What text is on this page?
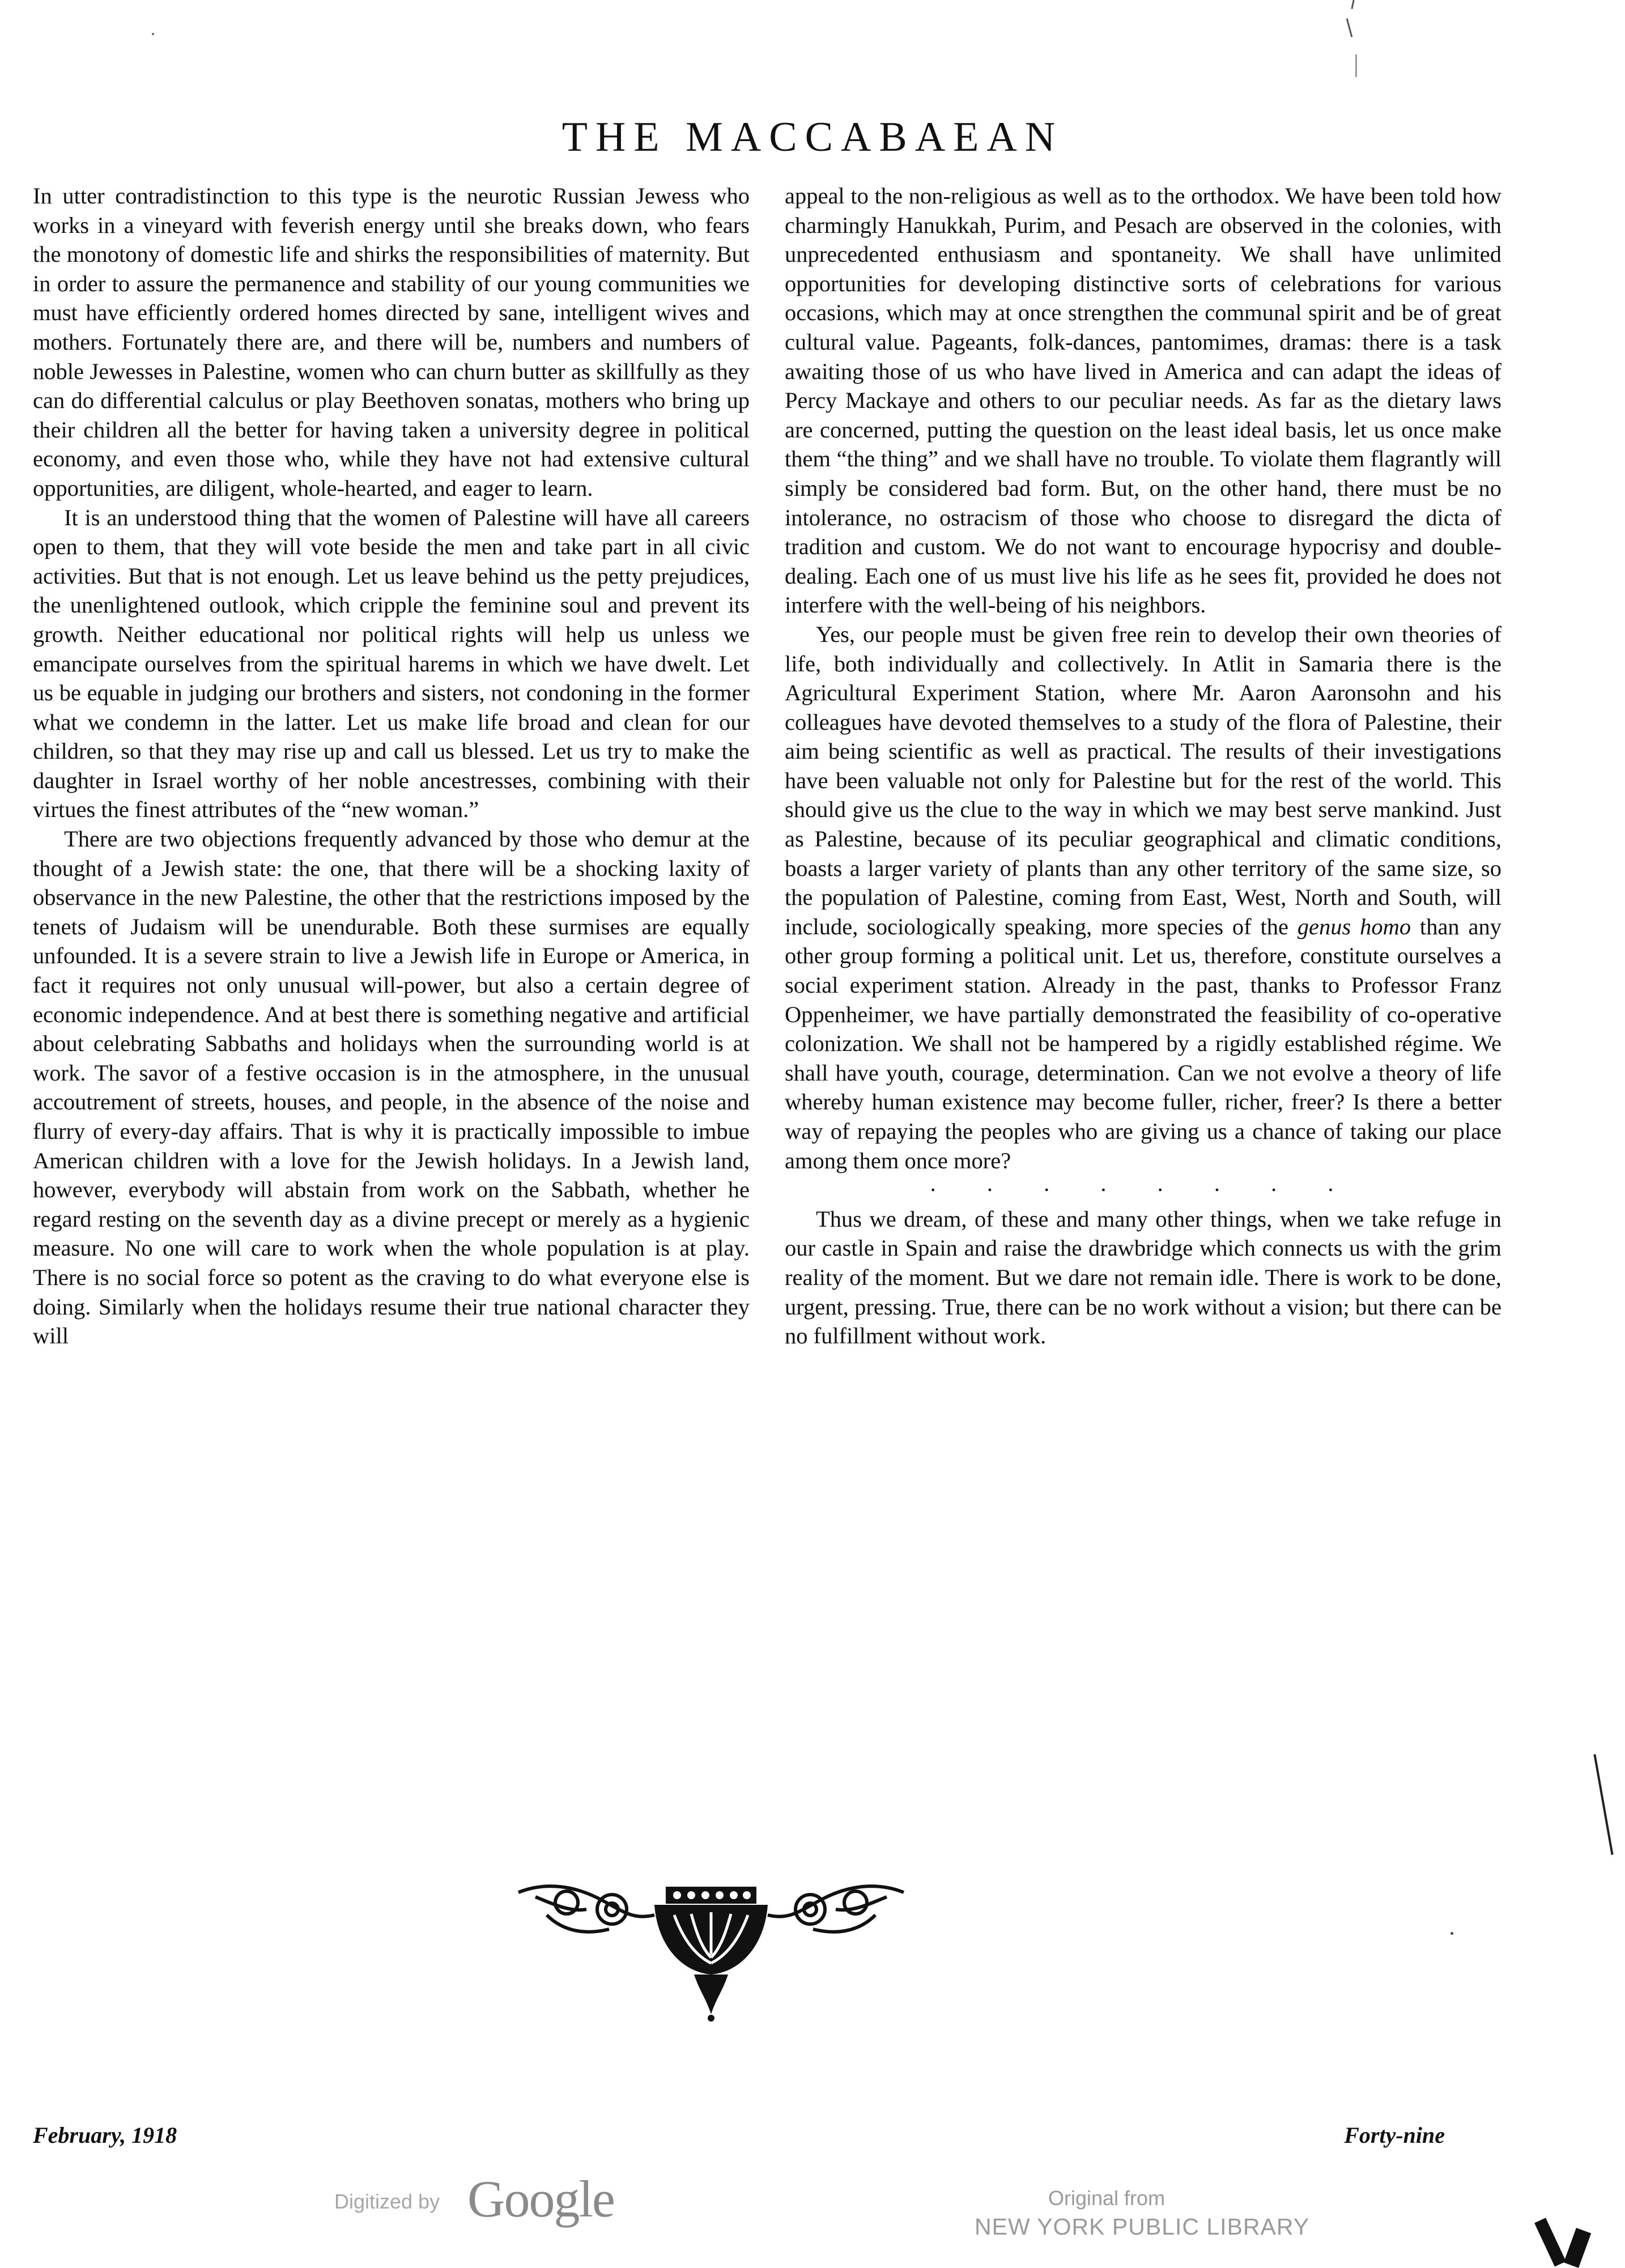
THE MACCABAEAN

In utter contradistinction to this type is the neurotic Russian Jewess who works in a vineyard with feverish energy until she breaks down, who fears the monotony of domestic life and shirks the responsibilities of maternity. But in order to assure the permanence and stability of our young communities we must have efficiently ordered homes directed by sane, intelligent wives and mothers. Fortunately there are, and there will be, numbers and numbers of noble Jewesses in Palestine, women who can churn butter as skillfully as they can do differential calculus or play Beethoven sonatas, mothers who bring up their children all the better for having taken a university degree in political economy, and even those who, while they have not had extensive cultural opportunities, are diligent, whole-hearted, and eager to learn.

It is an understood thing that the women of Palestine will have all careers open to them, that they will vote beside the men and take part in all civic activities. But that is not enough. Let us leave behind us the petty prejudices, the unenlightened outlook, which cripple the feminine soul and prevent its growth. Neither educational nor political rights will help us unless we emancipate ourselves from the spiritual harems in which we have dwelt. Let us be equable in judging our brothers and sisters, not condoning in the former what we condemn in the latter. Let us make life broad and clean for our children, so that they may rise up and call us blessed. Let us try to make the daughter in Israel worthy of her noble ancestresses, combining with their virtues the finest attributes of the “new woman.”

There are two objections frequently advanced by those who demur at the thought of a Jewish state: the one, that there will be a shocking laxity of observance in the new Palestine, the other that the restrictions imposed by the tenets of Judaism will be unendurable. Both these surmises are equally unfounded. It is a severe strain to live a Jewish life in Europe or America, in fact it requires not only unusual will-power, but also a certain degree of economic independence. And at best there is something negative and artificial about celebrating Sabbaths and holidays when the surrounding world is at work. The savor of a festive occasion is in the atmosphere, in the unusual accoutrement of streets, houses, and people, in the absence of the noise and flurry of every-day affairs. That is why it is practically impossible to imbue American children with a love for the Jewish holidays. In a Jewish land, however, everybody will abstain from work on the Sabbath, whether he regard resting on the seventh day as a divine precept or merely as a hygienic measure. No one will care to work when the whole population is at play. There is no social force so potent as the craving to do what everyone else is doing. Similarly when the holidays resume their true national character they will

appeal to the non-religious as well as to the orthodox. We have been told how charmingly Hanukkah, Purim, and Pesach are observed in the colonies, with unprecedented enthusiasm and spontaneity. We shall have unlimited opportunities for developing distinctive sorts of celebrations for various occasions, which may at once strengthen the communal spirit and be of great cultural value. Pageants, folk-dances, pantomimes, dramas: there is a task awaiting those of us who have lived in America and can adapt the ideas of Percy Mackaye and others to our peculiar needs. As far as the dietary laws are concerned, putting the question on the least ideal basis, let us once make them “the thing” and we shall have no trouble. To violate them flagrantly will simply be considered bad form. But, on the other hand, there must be no intolerance, no ostracism of those who choose to disregard the dicta of tradition and custom. We do not want to encourage hypocrisy and double-dealing. Each one of us must live his life as he sees fit, provided he does not interfere with the well-being of his neighbors.

Yes, our people must be given free rein to develop their own theories of life, both individually and collectively. In Atlit in Samaria there is the Agricultural Experiment Station, where Mr. Aaron Aaronsohn and his colleagues have devoted themselves to a study of the flora of Palestine, their aim being scientific as well as practical. The results of their investigations have been valuable not only for Palestine but for the rest of the world. This should give us the clue to the way in which we may best serve mankind. Just as Palestine, because of its peculiar geographical and climatic conditions, boasts a larger variety of plants than any other territory of the same size, so the population of Palestine, coming from East, West, North and South, will include, sociologically speaking, more species of the genus homo than any other group forming a political unit. Let us, therefore, constitute ourselves a social experiment station. Already in the past, thanks to Professor Franz Oppenheimer, we have partially demonstrated the feasibility of co-operative colonization. We shall not be hampered by a rigidly established régime. We shall have youth, courage, determination. Can we not evolve a theory of life whereby human existence may become fuller, richer, freer? Is there a better way of repaying the peoples who are giving us a chance of taking our place among them once more?

. . . . . . . .

Thus we dream, of these and many other things, when we take refuge in our castle in Spain and raise the drawbridge which connects us with the grim reality of the moment. But we dare not remain idle. There is work to be done, urgent, pressing. True, there can be no work without a vision; but there can be no fulfillment without work.

February, 1918	Forty-nine
Digitized by Google	Original from
NEW YORK PUBLIC LIBRARY
